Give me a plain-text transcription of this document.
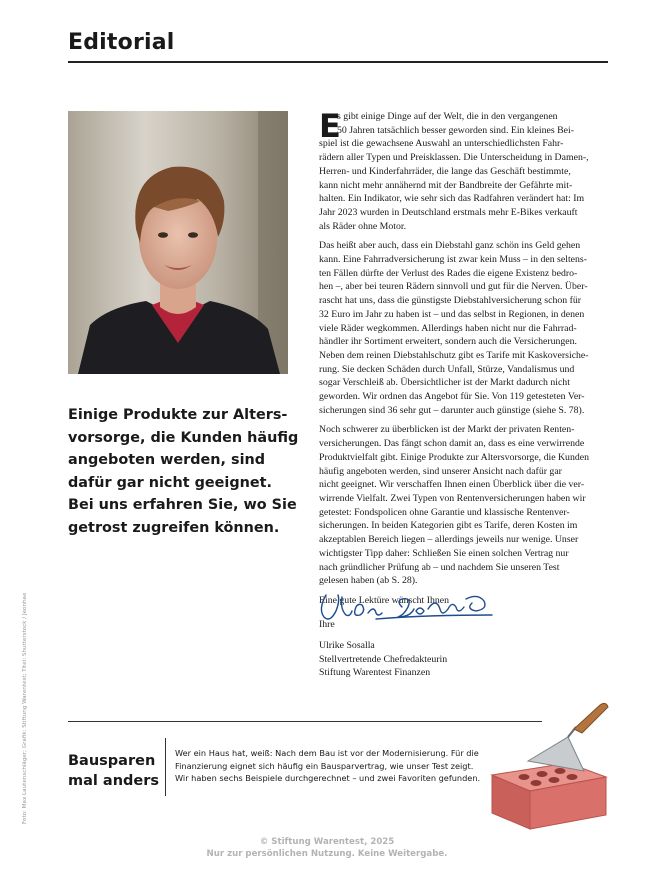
Editorial
Einige Produkte zur Alters-
vorsorge, die Kunden häufig
angeboten werden, sind
dafür gar nicht geeignet.
Bei uns erfahren Sie, wo Sie
getrost zugreifen können.
E
s gibt einige Dinge auf der Welt, die in den vergangenen
50 Jahren tatsächlich besser geworden sind. Ein kleines Bei-
spiel ist die gewachsene Auswahl an unterschiedlichsten Fahr-
rädern aller Typen und Preisklassen. Die Unterscheidung in Damen-,
Herren- und Kinderfahrräder, die lange das Geschäft bestimmte,
kann nicht mehr annähernd mit der Bandbreite der Gefährte mit-
halten. Ein Indikator, wie sehr sich das Radfahren verändert hat: Im
Jahr 2023 wurden in Deutschland erstmals mehr E-Bikes verkauft
als Räder ohne Motor.
Das heißt aber auch, dass ein Diebstahl ganz schön ins Geld gehen
kann. Eine Fahrradversicherung ist zwar kein Muss – in den seltens-
ten Fällen dürfte der Verlust des Rades die eigene Existenz bedro-
hen –, aber bei teuren Rädern sinnvoll und gut für die Nerven. Über-
rascht hat uns, dass die günstigste Diebstahlversicherung schon für
32 Euro im Jahr zu haben ist – und das selbst in Regionen, in denen
viele Räder wegkommen. Allerdings haben nicht nur die Fahrrad-
händler ihr Sortiment erweitert, sondern auch die Versicherungen.
Neben dem reinen Diebstahlschutz gibt es Tarife mit Kaskoversiche-
rung. Sie decken Schäden durch Unfall, Stürze, Vandalismus und
sogar Verschleiß ab. Übersichtlicher ist der Markt dadurch nicht
geworden. Wir ordnen das Angebot für Sie. Von 119 getesteten Ver-
sicherungen sind 36 sehr gut – darunter auch günstige (siehe S. 78).
Noch schwerer zu überblicken ist der Markt der privaten Renten-
versicherungen. Das fängt schon damit an, dass es eine verwirrende
Produktvielfalt gibt. Einige Produkte zur Altersvorsorge, die Kunden
häufig angeboten werden, sind unserer Ansicht nach dafür gar
nicht geeignet. Wir verschaffen Ihnen einen Überblick über die ver-
wirrende Vielfalt. Zwei Typen von Rentenversicherungen haben wir
getestet: Fondspolicen ohne Garantie und klassische Rentenver-
sicherungen. In beiden Kategorien gibt es Tarife, deren Kosten im
akzeptablen Bereich liegen – allerdings jeweils nur wenige. Unser
wichtigster Tipp daher: Schließen Sie einen solchen Vertrag nur
nach gründlicher Prüfung ab – und nachdem Sie unseren Test
gelesen haben (ab S. 28).
Eine gute Lektüre wünscht Ihnen
Ihre
Ulrike Sosalla
Stellvertretende Chefredakteurin
Stiftung Warentest Finanzen
Bausparen
mal anders
Wer ein Haus hat, weiß: Nach dem Bau ist vor der Modernisierung. Für die
Finanzierung eignet sich häufig ein Bausparvertrag, wie unser Test zeigt.
Wir haben sechs Beispiele durchgerechnet – und zwei Favoriten gefunden.
© Stiftung Warentest, 2025
Nur zur persönlichen Nutzung. Keine Weitergabe.
Foto: Max Lautenschläger; Grafik: Stiftung Warentest; Titel: Shutterstock / Jeonhae
